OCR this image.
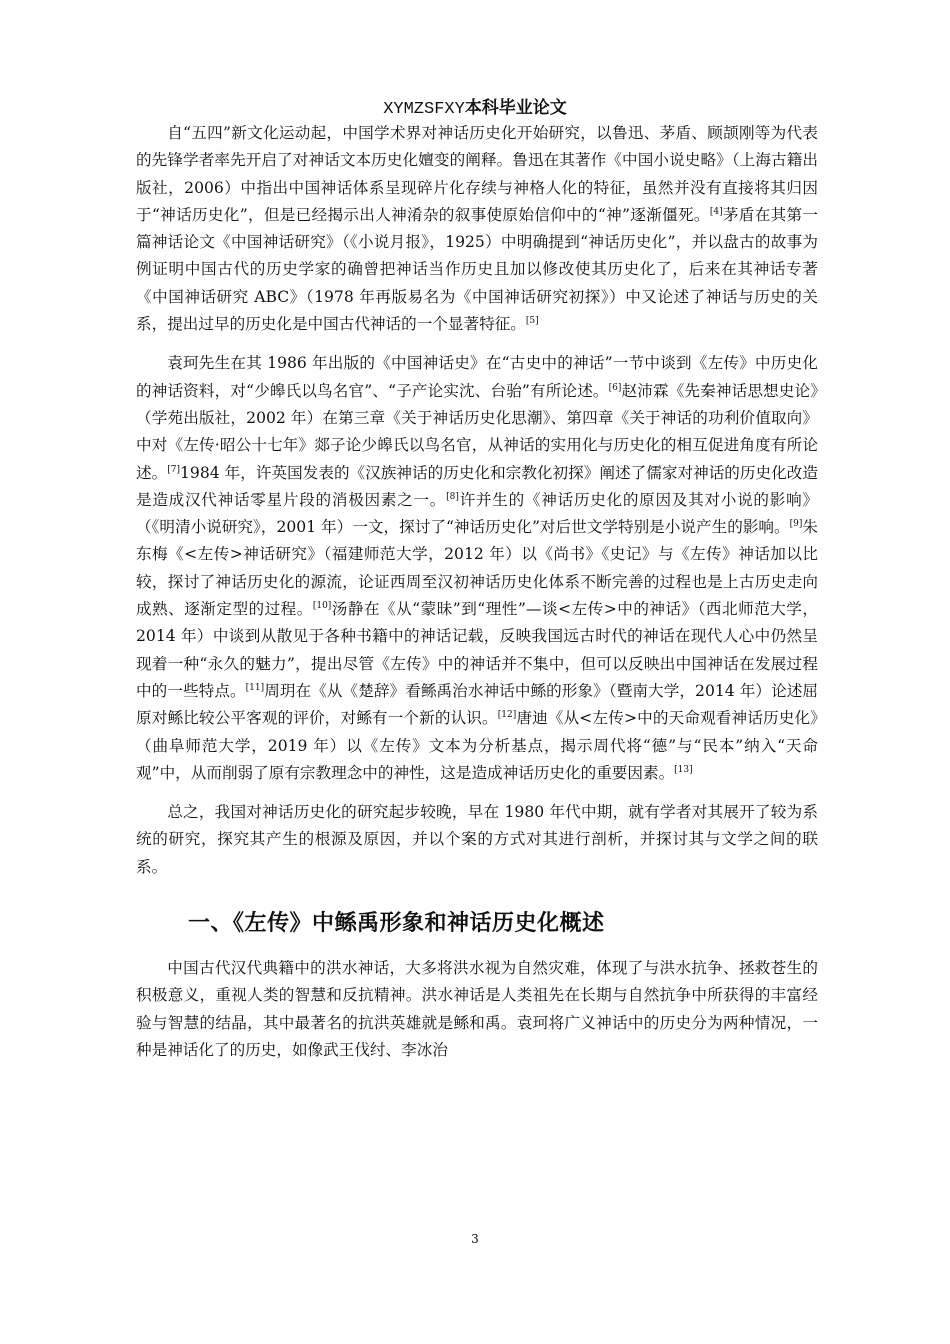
XYMZSFXY本科毕业论文

自“五四”新文化运动起，中国学术界对神话历史化开始研究，以鲁迅、茅盾、顾颉刚等为代表的先锋学者率先开启了对神话文本历史化嬗变的阐释。鲁迅在其著作《中国小说史略》（上海古籍出版社，2006）中指出中国神话体系呈现碎片化存续与神格人化的特征，虽然并没有直接将其归因于“神话历史化”，但是已经揭示出人神淆杂的叙事使原始信仰中的“神”逐渐僵死。[4]茅盾在其第一篇神话论文《中国神话研究》（《小说月报》，1925）中明确提到“神话历史化”，并以盘古的故事为例证明中国古代的历史学家的确曾把神话当作历史且加以修改使其历史化了，后来在其神话专著《中国神话研究 ABC》（1978 年再版易名为《中国神话研究初探》）中又论述了神话与历史的关系，提出过早的历史化是中国古代神话的一个显著特征。[5]

袁珂先生在其 1986 年出版的《中国神话史》在“古史中的神话”一节中谈到《左传》中历史化的神话资料，对“少皞氏以鸟名官”、“子产论实沈、台骀”有所论述。[6]赵沛霖《先秦神话思想史论》（学苑出版社，2002 年）在第三章《关于神话历史化思潮》、第四章《关于神话的功利价值取向》中对《左传·昭公十七年》郯子论少皞氏以鸟名官，从神话的实用化与历史化的相互促进角度有所论述。[7]1984 年，许英国发表的《汉族神话的历史化和宗教化初探》阐述了儒家对神话的历史化改造是造成汉代神话零星片段的消极因素之一。[8]许并生的《神话历史化的原因及其对小说的影响》（《明清小说研究》，2001 年）一文，探讨了“神话历史化”对后世文学特别是小说产生的影响。[9]朱东梅《<左传>神话研究》（福建师范大学，2012 年）以《尚书》《史记》与《左传》神话加以比较，探讨了神话历史化的源流，论证西周至汉初神话历史化体系不断完善的过程也是上古历史走向成熟、逐渐定型的过程。[10]汤静在《从“蒙昧”到“理性”—谈<左传>中的神话》（西北师范大学，2014 年）中谈到从散见于各种书籍中的神话记载，反映我国远古时代的神话在现代人心中仍然呈现着一种“永久的魅力”，提出尽管《左传》中的神话并不集中，但可以反映出中国神话在发展过程中的一些特点。[11]周玥在《从《楚辞》看鲧禹治水神话中鲧的形象》（暨南大学，2014 年）论述屈原对鲧比较公平客观的评价，对鲧有一个新的认识。[12]唐迪《从<左传>中的天命观看神话历史化》（曲阜师范大学，2019 年）以《左传》文本为分析基点，揭示周代将“德”与“民本”纳入“天命观”中，从而削弱了原有宗教理念中的神性，这是造成神话历史化的重要因素。[13]

总之，我国对神话历史化的研究起步较晚，早在 1980 年代中期，就有学者对其展开了较为系统的研究，探究其产生的根源及原因，并以个案的方式对其进行剖析，并探讨其与文学之间的联系。

一、《左传》中鲧禹形象和神话历史化概述

中国古代汉代典籍中的洪水神话，大多将洪水视为自然灾难，体现了与洪水抗争、拯救苍生的积极意义，重视人类的智慧和反抗精神。洪水神话是人类祖先在长期与自然抗争中所获得的丰富经验与智慧的结晶，其中最著名的抗洪英雄就是鲧和禹。袁珂将广义神话中的历史分为两种情况，一种是神话化了的历史，如像武王伐纣、李冰治

3
